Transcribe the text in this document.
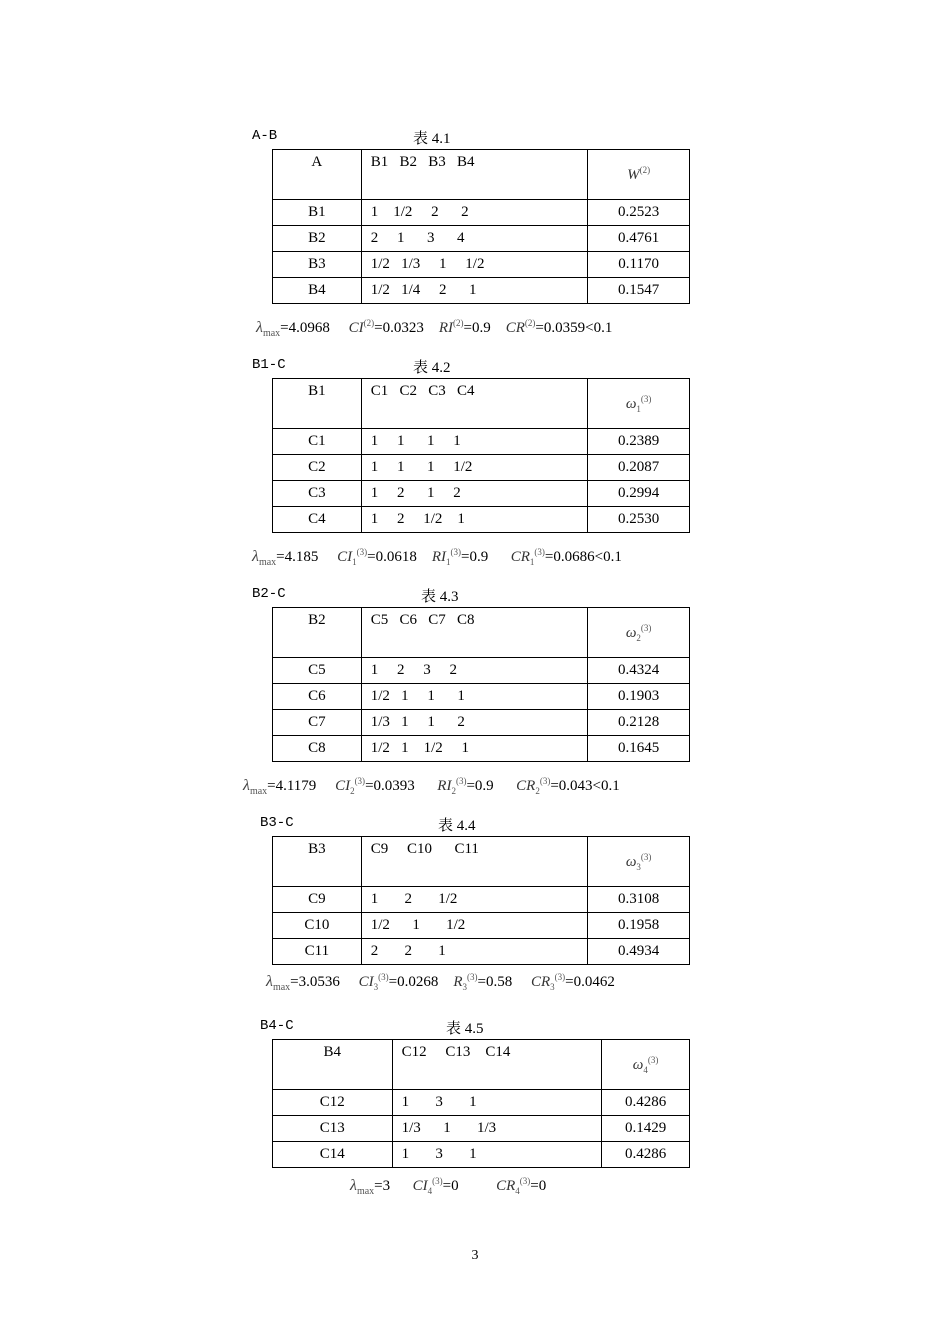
A-B	表 4.1
A	B1   B2   B3   B4	$W^{(2)}$
B1	1    1/2     2      2	0.2523
B2	2     1      3      4	0.4761
B3	1/2   1/3     1     1/2	0.1170
B4	1/2   1/4     2      1	0.1547
$\lambda_{max}=4.0968$ $CI^{(2)}=0.0323$ $RI^{(2)}=0.9$ $CR^{(2)}=0.0359<0.1$
B1-C	表 4.2
B1	C1   C2   C3   C4	$\omega_1^{(3)}$
C1	1     1      1     1	0.2389
C2	1     1      1     1/2	0.2087
C3	1     2      1     2	0.2994
C4	1     2     1/2    1	0.2530
$\lambda_{max}=4.185$ $CI_1^{(3)}=0.0618$ $RI_1^{(3)}=0.9$ $CR_1^{(3)}=0.0686<0.1$
B2-C	表 4.3
B2	C5   C6   C7   C8	$\omega_2^{(3)}$
C5	1     2     3     2	0.4324
C6	1/2   1     1      1	0.1903
C7	1/3   1     1      2	0.2128
C8	1/2   1    1/2     1	0.1645
$\lambda_{max}=4.1179$ $CI_2^{(3)}=0.0393$ $RI_2^{(3)}=0.9$ $CR_2^{(3)}=0.043<0.1$
B3-C	表 4.4
B3	C9     C10      C11	$\omega_3^{(3)}$
C9	1       2       1/2	0.3108
C10	1/2      1       1/2	0.1958
C11	2       2       1	0.4934
$\lambda_{max}=3.0536$ $CI_3^{(3)}=0.0268$ $R_3^{(3)}=0.58$ $CR_3^{(3)}=0.0462$
B4-C	表 4.5
B4	C12     C13    C14	$\omega_4^{(3)}$
C12	1       3       1	0.4286
C13	1/3      1       1/3	0.1429
C14	1       3       1	0.4286
$\lambda_{max}=3$ $CI_4^{(3)}=0$	$CR_4^{(3)}=0$
3
